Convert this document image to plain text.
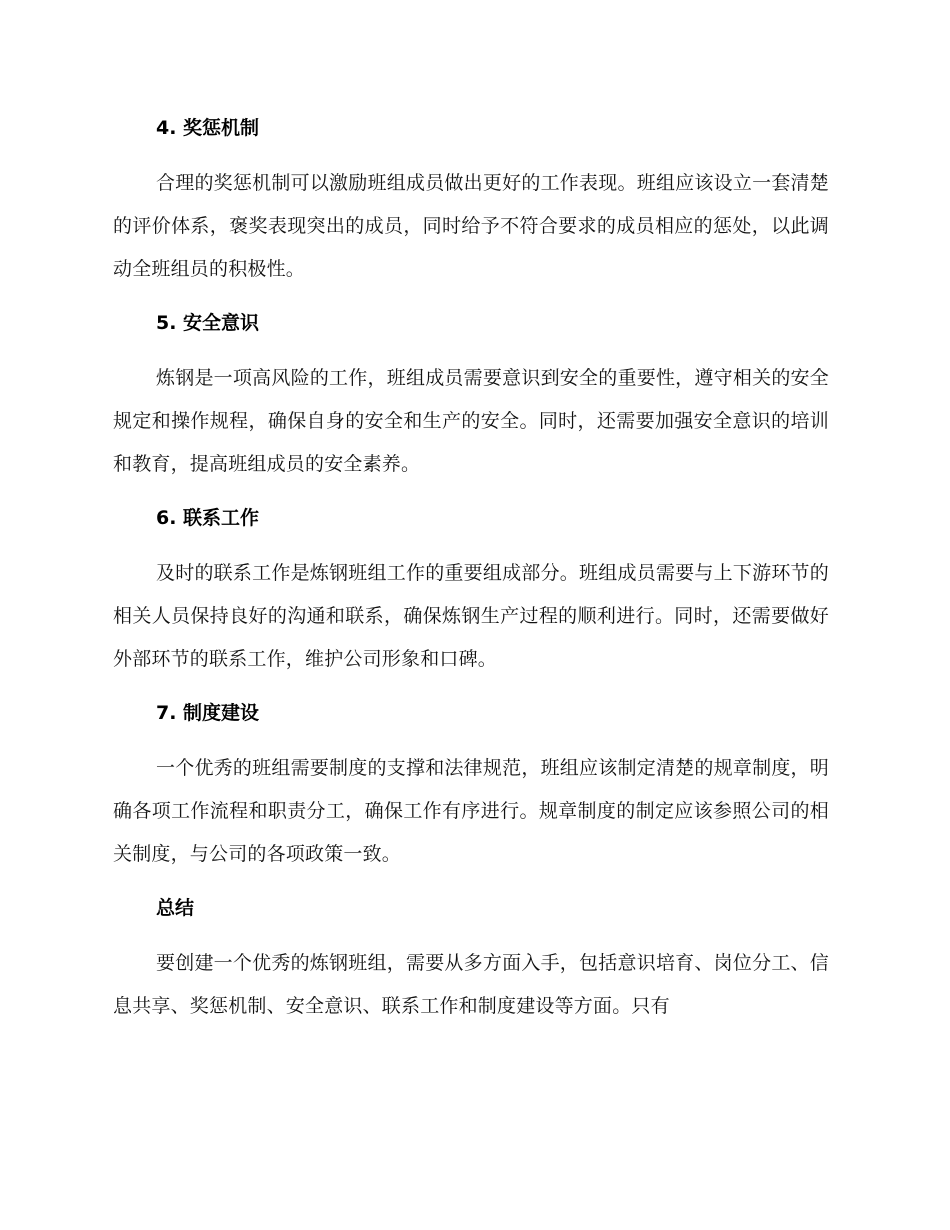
4. 奖惩机制

合理的奖惩机制可以激励班组成员做出更好的工作表现。班组应该设立一套清楚的评价体系，褒奖表现突出的成员，同时给予不符合要求的成员相应的惩处，以此调动全班组员的积极性。

5. 安全意识

炼钢是一项高风险的工作，班组成员需要意识到安全的重要性，遵守相关的安全规定和操作规程，确保自身的安全和生产的安全。同时，还需要加强安全意识的培训和教育，提高班组成员的安全素养。

6. 联系工作

及时的联系工作是炼钢班组工作的重要组成部分。班组成员需要与上下游环节的相关人员保持良好的沟通和联系，确保炼钢生产过程的顺利进行。同时，还需要做好外部环节的联系工作，维护公司形象和口碑。

7. 制度建设

一个优秀的班组需要制度的支撑和法律规范，班组应该制定清楚的规章制度，明确各项工作流程和职责分工，确保工作有序进行。规章制度的制定应该参照公司的相关制度，与公司的各项政策一致。

总结

要创建一个优秀的炼钢班组，需要从多方面入手，包括意识培育、岗位分工、信息共享、奖惩机制、安全意识、联系工作和制度建设等方面。只有
